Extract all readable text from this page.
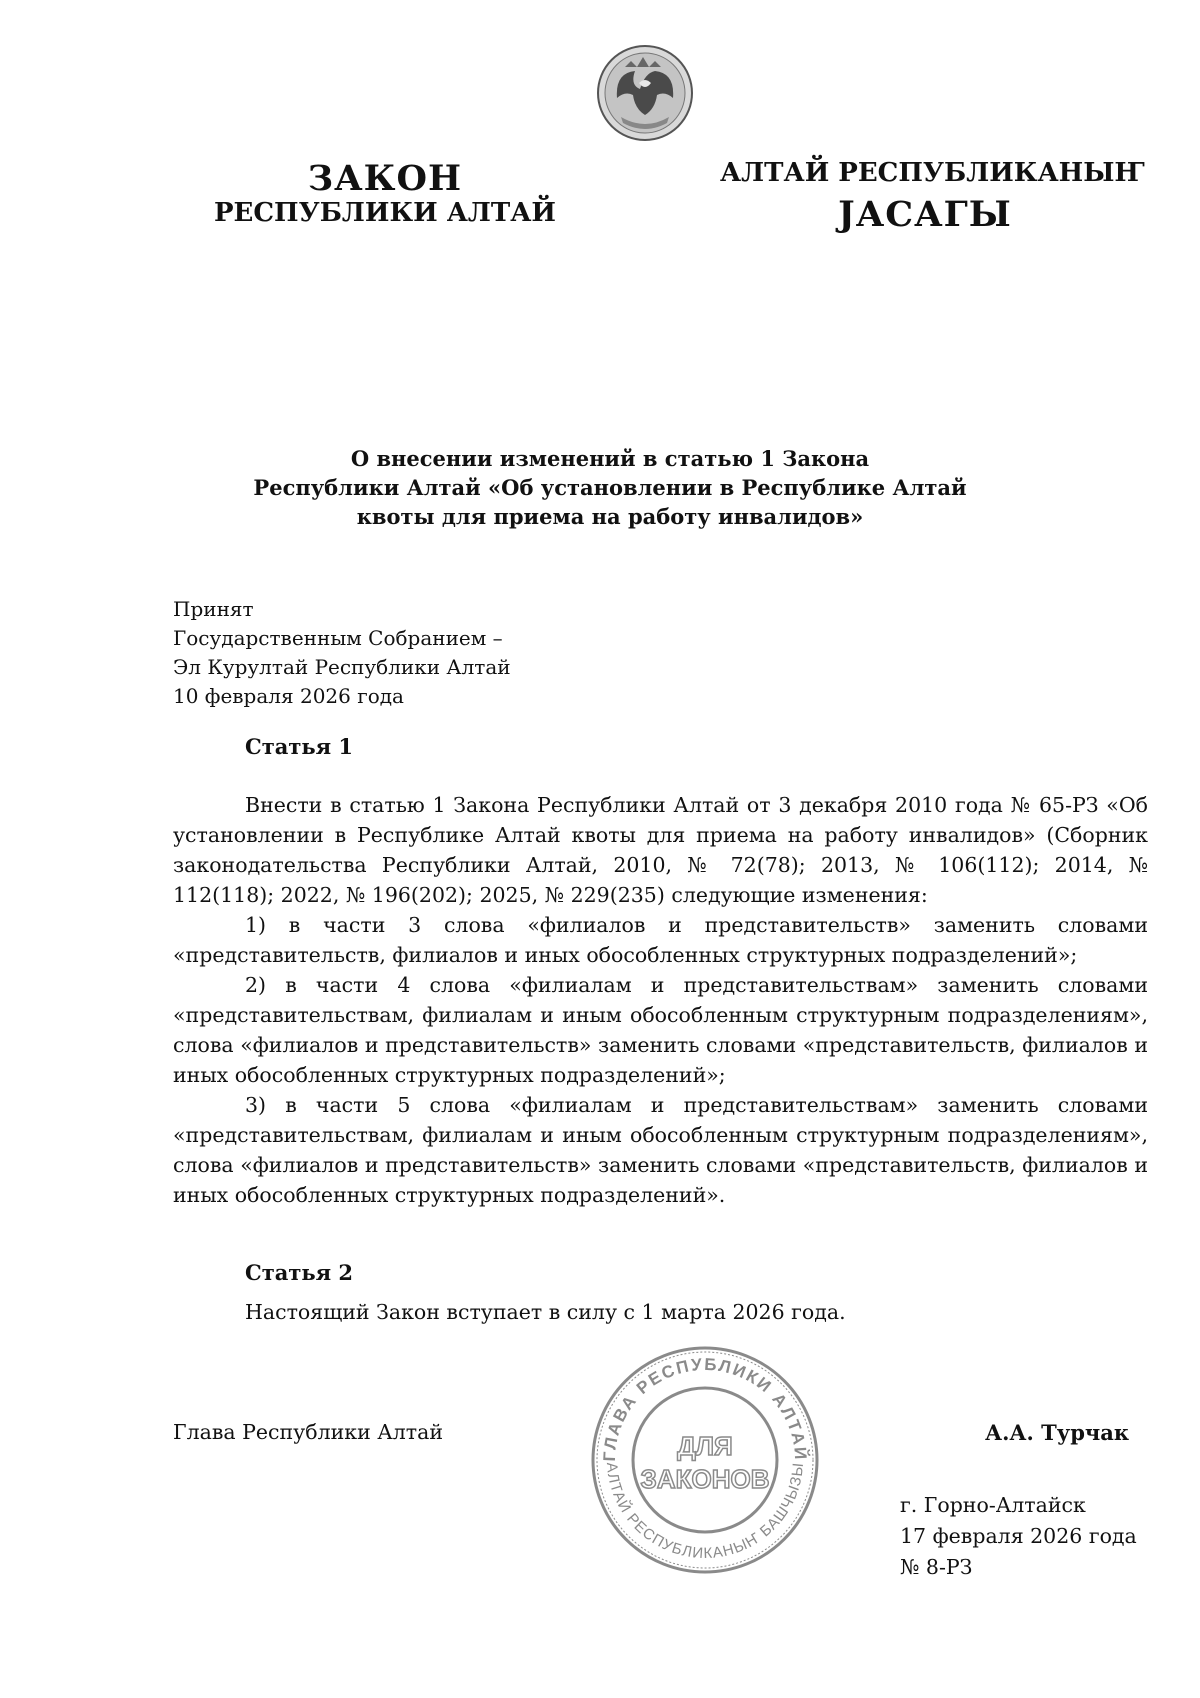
ЗАКОН
РЕСПУБЛИКИ АЛТАЙ
АЛТАЙ РЕСПУБЛИКАНЫҤ
JАСАГЫ
О внесении изменений в статью 1 Закона
Республики Алтай «Об установлении в Республике Алтай
квоты для приема на работу инвалидов»
Принят
Государственным Собранием –
Эл Курултай Республики Алтай
10 февраля 2026 года
Статья 1

Внести в статью 1 Закона Республики Алтай от 3 декабря 2010 года № 65-РЗ «Об установлении в Республике Алтай квоты для приема на работу инвалидов» (Сборник законодательства Республики Алтай, 2010, № 72(78); 2013, № 106(112); 2014, № 112(118); 2022, № 196(202); 2025, № 229(235) следующие изменения:

1) в части 3 слова «филиалов и представительств» заменить словами «представительств, филиалов и иных обособленных структурных подразделений»;

2) в части 4 слова «филиалам и представительствам» заменить словами «представительствам, филиалам и иным обособленным структурным подразделениям», слова «филиалов и представительств» заменить словами «представительств, филиалов и иных обособленных структурных подразделений»;

3) в части 5 слова «филиалам и представительствам» заменить словами «представительствам, филиалам и иным обособленным структурным подразделениям», слова «филиалов и представительств» заменить словами «представительств, филиалов и иных обособленных структурных подразделений».

Статья 2
Настоящий Закон вступает в силу с 1 марта 2026 года.
ГЛАВА РЕСПУБЛИКИ АЛТАЙ
АЛТАЙ РЕСПУБЛИКАНЫҤ БАШЧЫЗЫ
ДЛЯ
ЗАКОНОВ
Глава Республики Алтай	А.А. Турчак
г. Горно-Алтайск
17 февраля 2026 года
№ 8-РЗ
